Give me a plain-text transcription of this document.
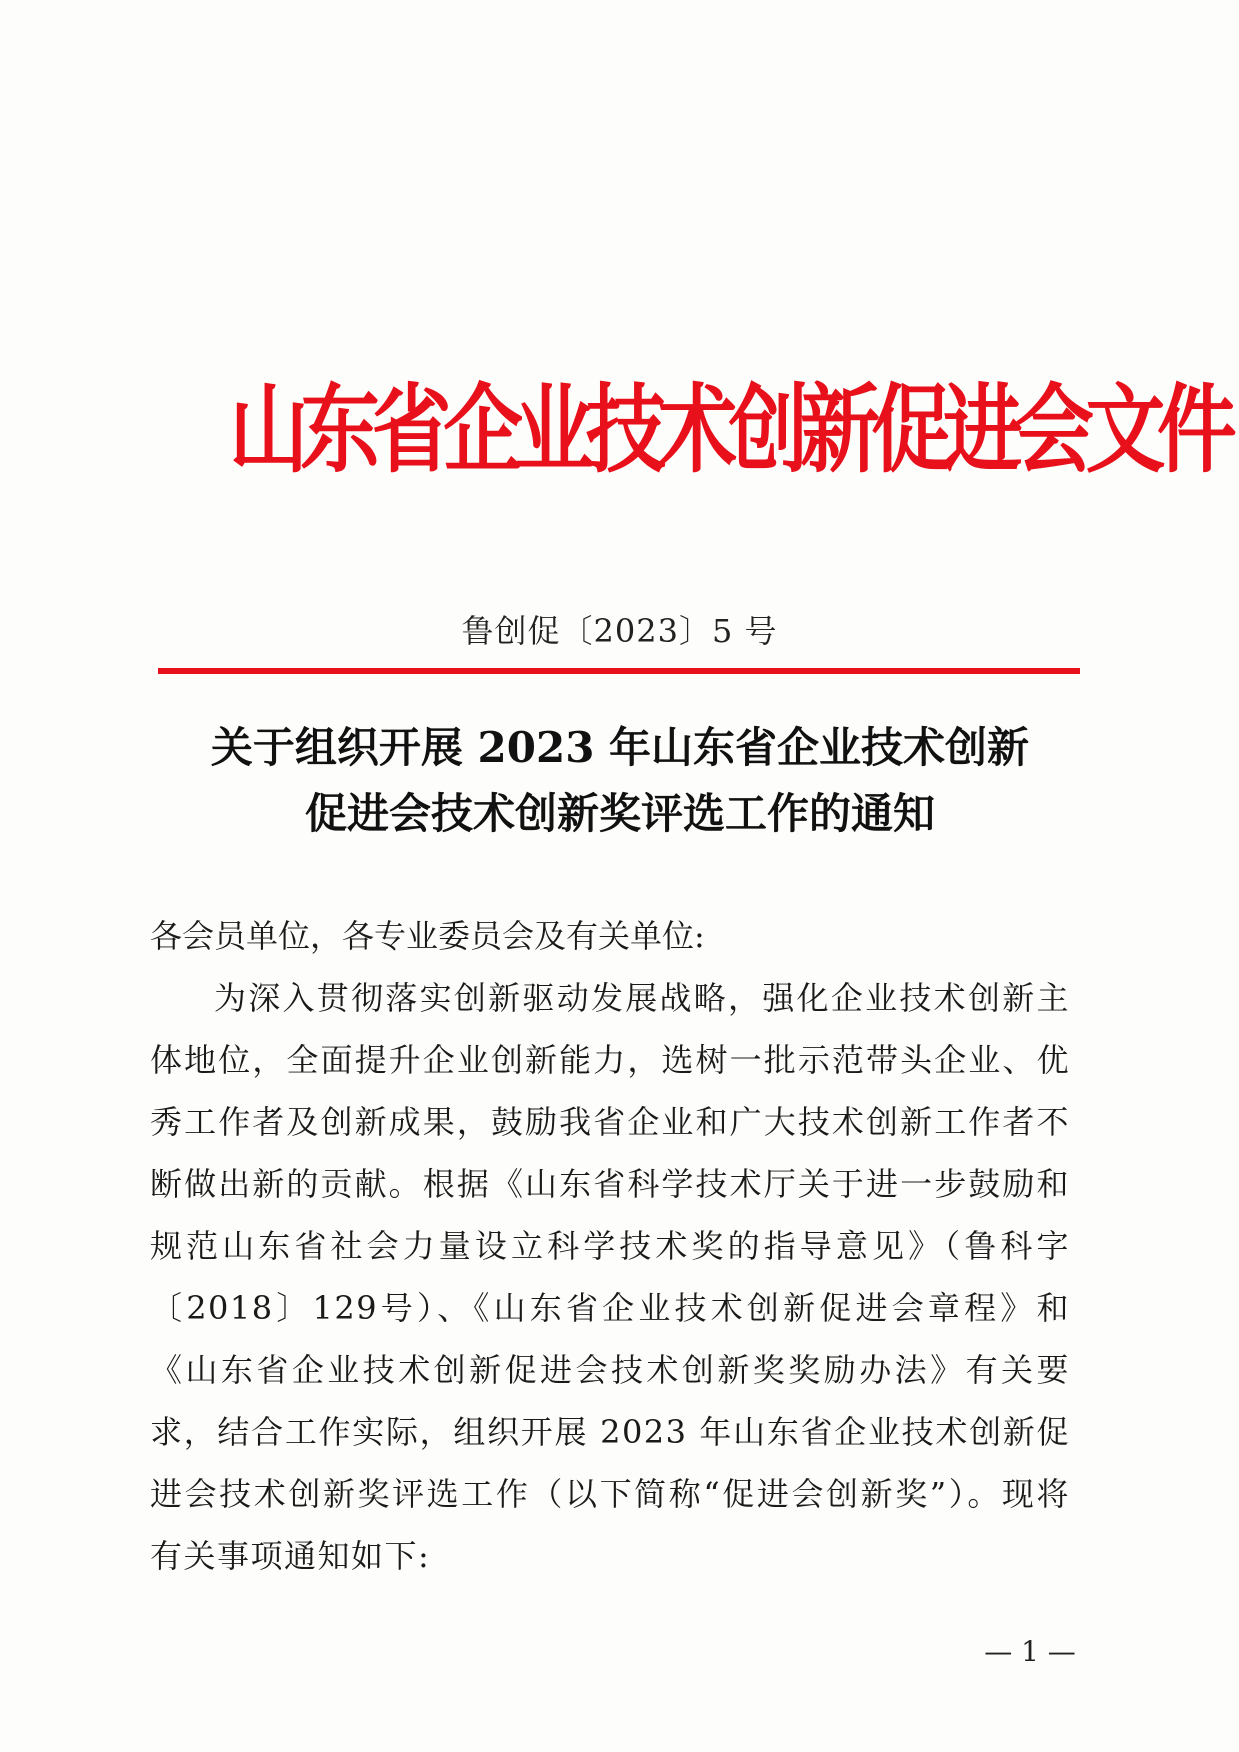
山东省企业技术创新促进会文件
鲁创促〔2023〕5 号
关于组织开展 2023 年山东省企业技术创新
促进会技术创新奖评选工作的通知
各会员单位，各专业委员会及有关单位:
为深入贯彻落实创新驱动发展战略，强化企业技术创新主体地位，全面提升企业创新能力，选树一批示范带头企业、优秀工作者及创新成果，鼓励我省企业和广大技术创新工作者不断做出新的贡献。根据《山东省科学技术厅关于进一步鼓励和规范山东省社会力量设立科学技术奖的指导意见》（鲁科字〔2018〕129号）、《山东省企业技术创新促进会章程》和《山东省企业技术创新促进会技术创新奖奖励办法》有关要求，结合工作实际，组织开展 2023 年山东省企业技术创新促进会技术创新奖评选工作（以下简称“促进会创新奖”）。现将有关事项通知如下:
— 1 —
